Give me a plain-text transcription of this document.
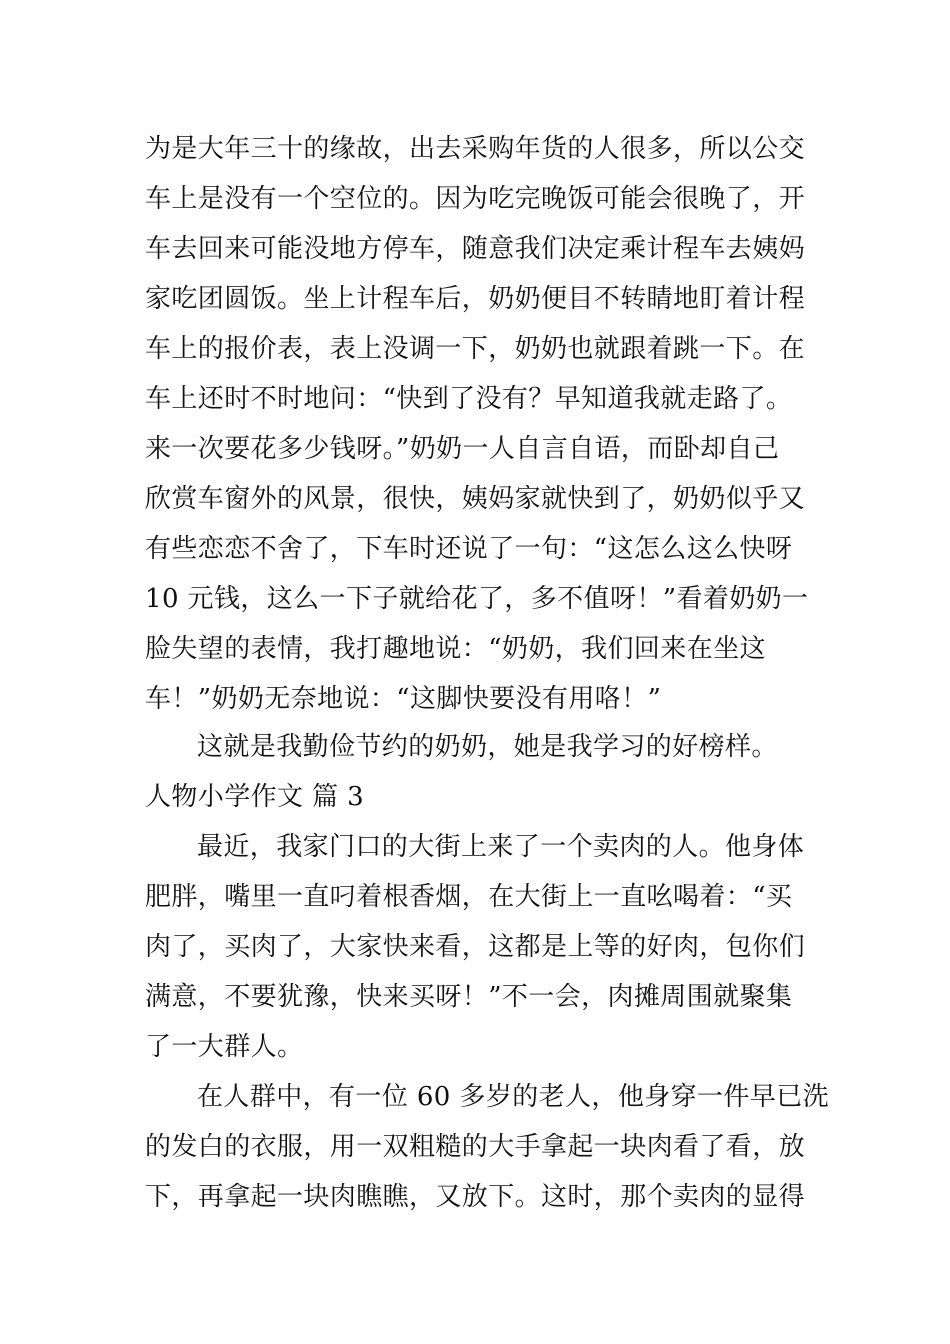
为是大年三十的缘故，出去采购年货的人很多，所以公交
车上是没有一个空位的。因为吃完晚饭可能会很晚了，开
车去回来可能没地方停车，随意我们决定乘计程车去姨妈
家吃团圆饭。坐上计程车后，奶奶便目不转睛地盯着计程
车上的报价表，表上没调一下，奶奶也就跟着跳一下。在
车上还时不时地问：“快到了没有？早知道我就走路了。
来一次要花多少钱呀。”奶奶一人自言自语，而卧却自己
欣赏车窗外的风景，很快，姨妈家就快到了，奶奶似乎又
有些恋恋不舍了，下车时还说了一句：“这怎么这么快呀
10 元钱，这么一下子就给花了，多不值呀！”看着奶奶一
脸失望的表情，我打趣地说：“奶奶，我们回来在坐这
车！”奶奶无奈地说：“这脚快要没有用咯！”
这就是我勤俭节约的奶奶，她是我学习的好榜样。
人物小学作文 篇 3
最近，我家门口的大街上来了一个卖肉的人。他身体
肥胖，嘴里一直叼着根香烟，在大街上一直吆喝着：“买
肉了，买肉了，大家快来看，这都是上等的好肉，包你们
满意，不要犹豫，快来买呀！”不一会，肉摊周围就聚集
了一大群人。
在人群中，有一位 60 多岁的老人，他身穿一件早已洗
的发白的衣服，用一双粗糙的大手拿起一块肉看了看，放
下，再拿起一块肉瞧瞧，又放下。这时，那个卖肉的显得
